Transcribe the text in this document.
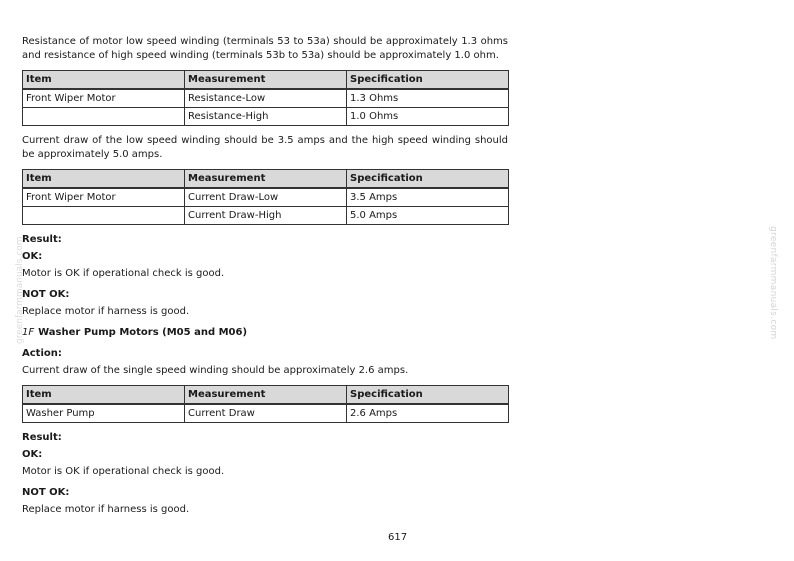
greenfarmmanuals.com
greenfarmmanuals.com

Resistance of motor low speed winding (terminals 53 to 53a) should be approximately 1.3 ohms and resistance of high speed winding (terminals 53b to 53a) should be approximately 1.0 ohm.

Item	Measurement	Specification
Front Wiper Motor	Resistance-Low	1.3 Ohms
	Resistance-High	1.0 Ohms

Current draw of the low speed winding should be 3.5 amps and the high speed winding should be approximately 5.0 amps.

Item	Measurement	Specification
Front Wiper Motor	Current Draw-Low	3.5 Amps
	Current Draw-High	5.0 Amps

Result:

OK:

Motor is OK if operational check is good.

NOT OK:

Replace motor if harness is good.

1F Washer Pump Motors (M05 and M06)

Action:

Current draw of the single speed winding should be approximately 2.6 amps.

Item	Measurement	Specification
Washer Pump	Current Draw	2.6 Amps

Result:

OK:

Motor is OK if operational check is good.

NOT OK:

Replace motor if harness is good.

617
